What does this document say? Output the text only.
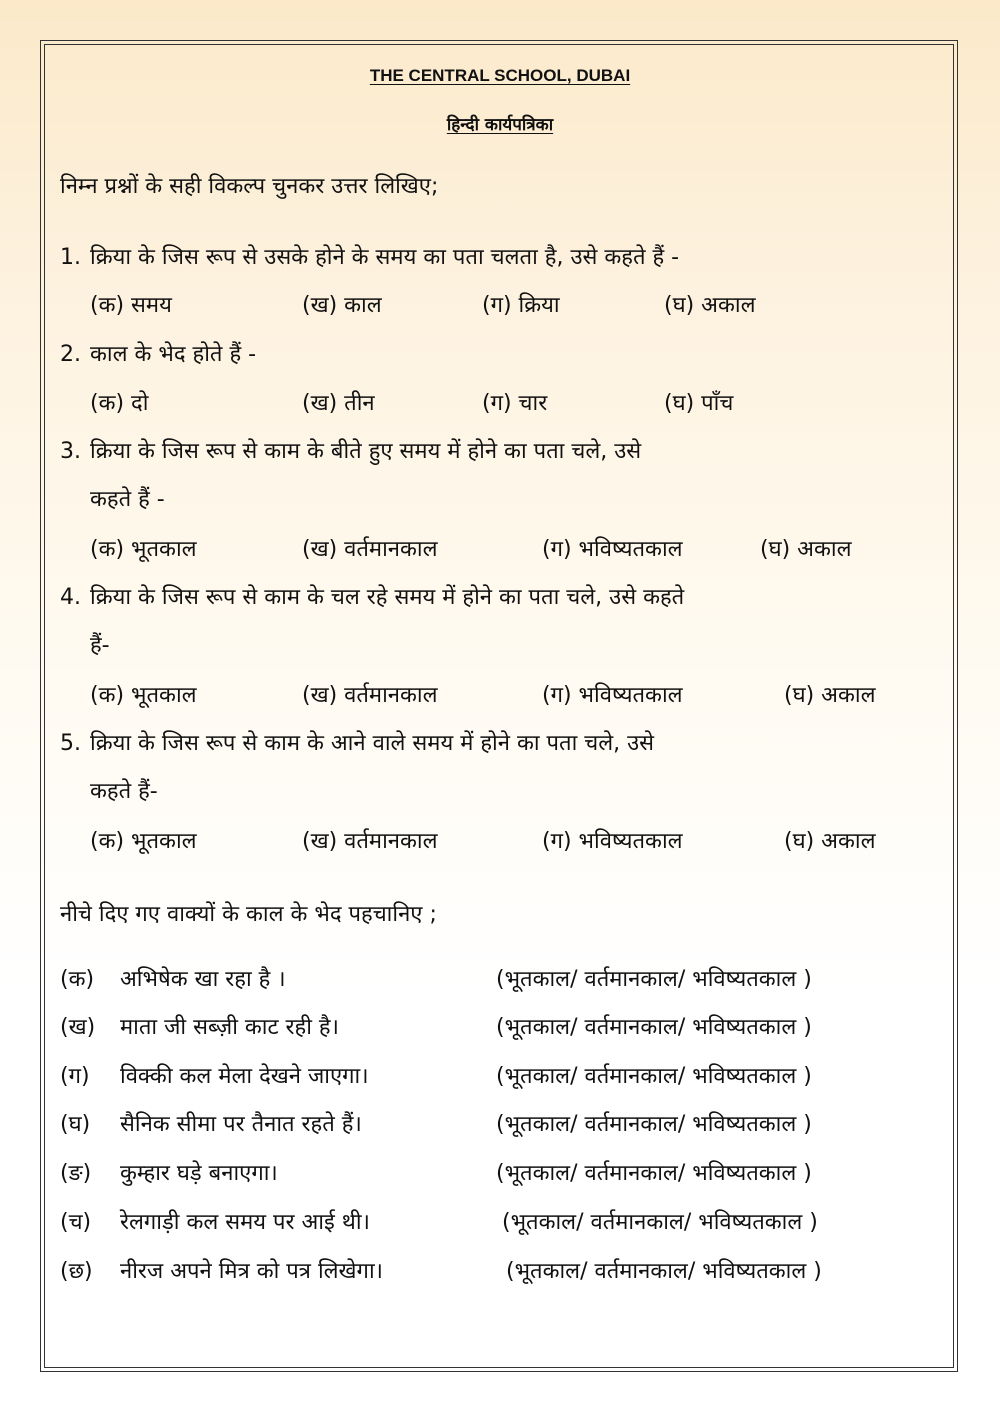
THE CENTRAL SCHOOL, DUBAI
हिन्दी कार्यपत्रिका
निम्न प्रश्नों के सही विकल्प चुनकर उत्तर लिखिए;
1. क्रिया के जिस रूप से उसके होने के समय का पता चलता है, उसे कहते हैं -
(क) समय	(ख) काल	(ग) क्रिया	(घ) अकाल
2. काल के भेद होते हैं -
(क) दो	(ख) तीन	(ग) चार	(घ) पाँच
3. क्रिया के जिस रूप से काम के बीते हुए समय में होने का पता चले, उसे
कहते हैं -
(क) भूतकाल	(ख) वर्तमानकाल	(ग) भविष्यतकाल	(घ) अकाल
4. क्रिया के जिस रूप से काम के चल रहे समय में होने का पता चले, उसे कहते
हैं-
(क) भूतकाल	(ख) वर्तमानकाल	(ग) भविष्यतकाल	(घ) अकाल
5. क्रिया के जिस रूप से काम के आने वाले समय में होने का पता चले, उसे
कहते हैं-
(क) भूतकाल	(ख) वर्तमानकाल	(ग) भविष्यतकाल	(घ) अकाल
नीचे दिए गए वाक्यों के काल के भेद पहचानिए ;
(क) अभिषेक खा रहा है ।	(भूतकाल/ वर्तमानकाल/ भविष्यतकाल )
(ख) माता जी सब्ज़ी काट रही है।	(भूतकाल/ वर्तमानकाल/ भविष्यतकाल )
(ग) विक्की कल मेला देखने जाएगा।	(भूतकाल/ वर्तमानकाल/ भविष्यतकाल )
(घ) सैनिक सीमा पर तैनात रहते हैं।	(भूतकाल/ वर्तमानकाल/ भविष्यतकाल )
(ङ) कुम्हार घड़े बनाएगा।	(भूतकाल/ वर्तमानकाल/ भविष्यतकाल )
(च) रेलगाड़ी कल समय पर आई थी।	(भूतकाल/ वर्तमानकाल/ भविष्यतकाल )
(छ) नीरज अपने मित्र को पत्र लिखेगा।	(भूतकाल/ वर्तमानकाल/ भविष्यतकाल )
